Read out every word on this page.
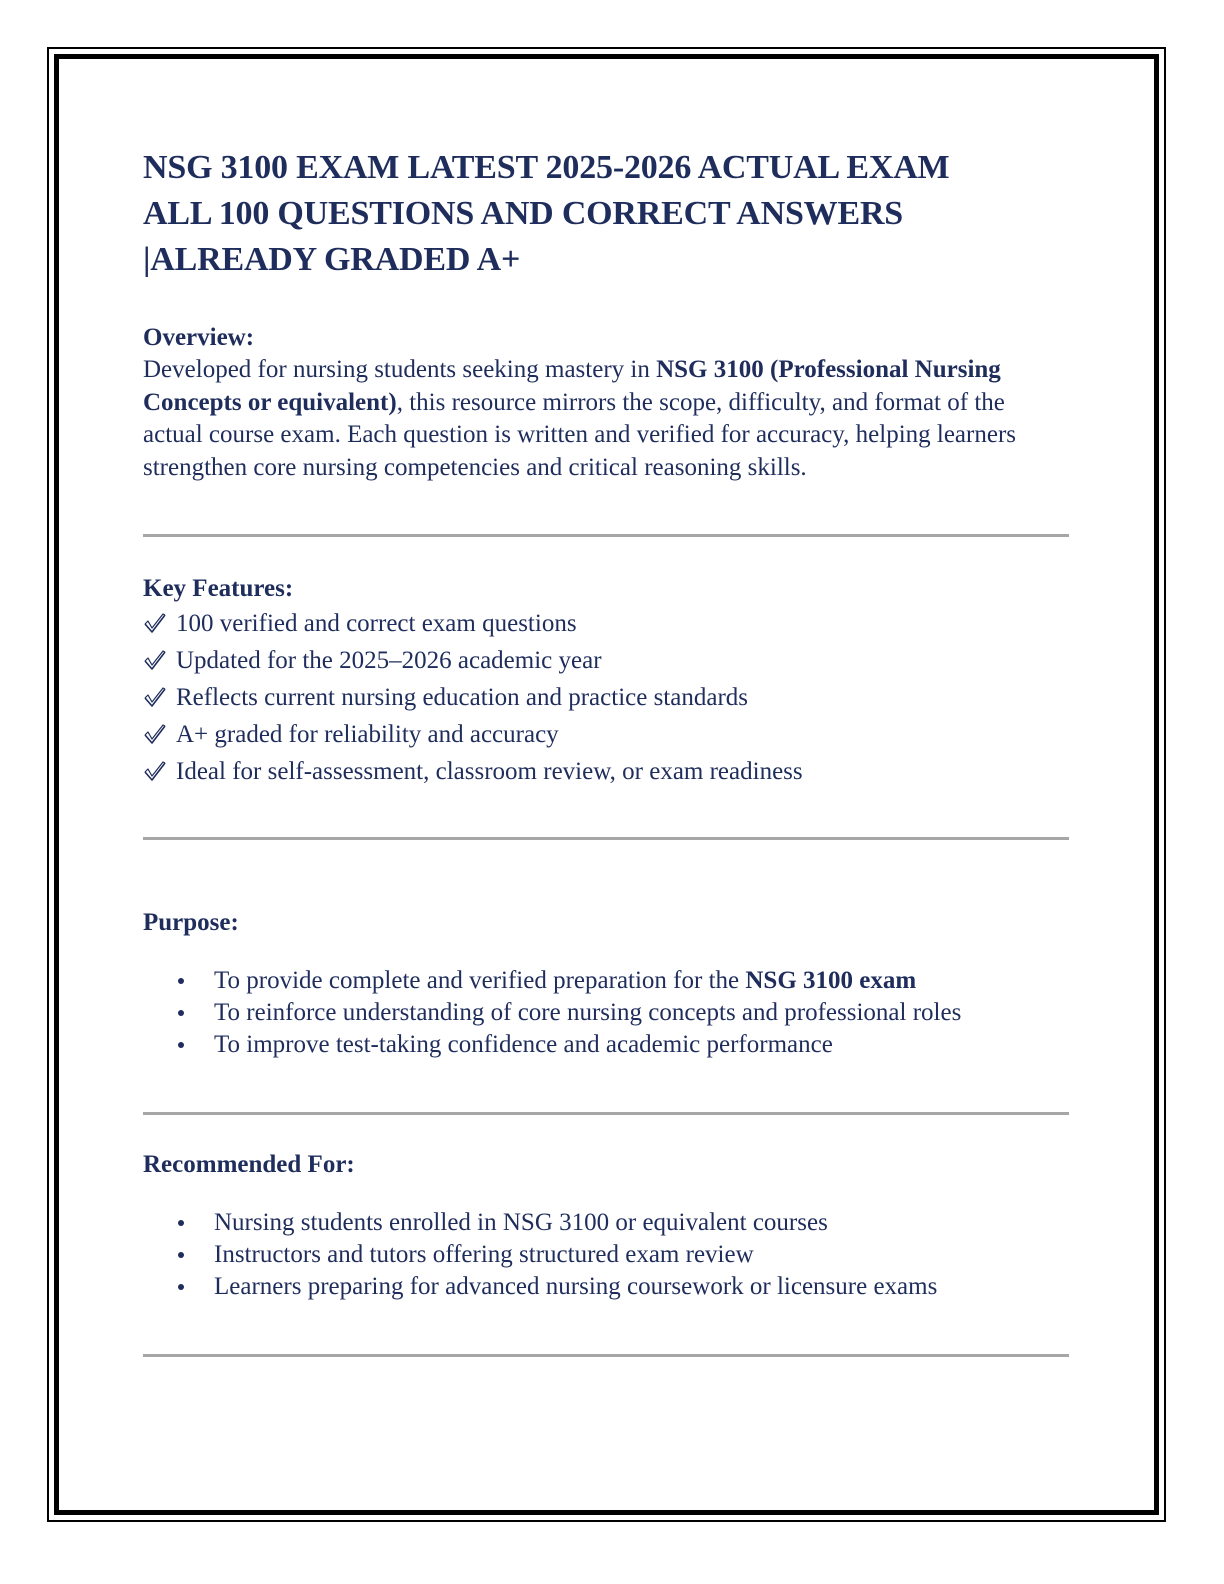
NSG 3100 EXAM LATEST 2025-2026 ACTUAL EXAM
ALL 100 QUESTIONS AND CORRECT ANSWERS
|ALREADY GRADED A+
Overview:

Developed for nursing students seeking mastery in NSG 3100 (Professional Nursing Concepts or equivalent), this resource mirrors the scope, difficulty, and format of the actual course exam. Each question is written and verified for accuracy, helping learners strengthen core nursing competencies and critical reasoning skills.

Key Features:
100 verified and correct exam questions
Updated for the 2025–2026 academic year
Reflects current nursing education and practice standards
A+ graded for reliability and accuracy
Ideal for self-assessment, classroom review, or exam readiness
Purpose:
To provide complete and verified preparation for the NSG 3100 exam
To reinforce understanding of core nursing concepts and professional roles
To improve test-taking confidence and academic performance
Recommended For:
Nursing students enrolled in NSG 3100 or equivalent courses
Instructors and tutors offering structured exam review
Learners preparing for advanced nursing coursework or licensure exams
